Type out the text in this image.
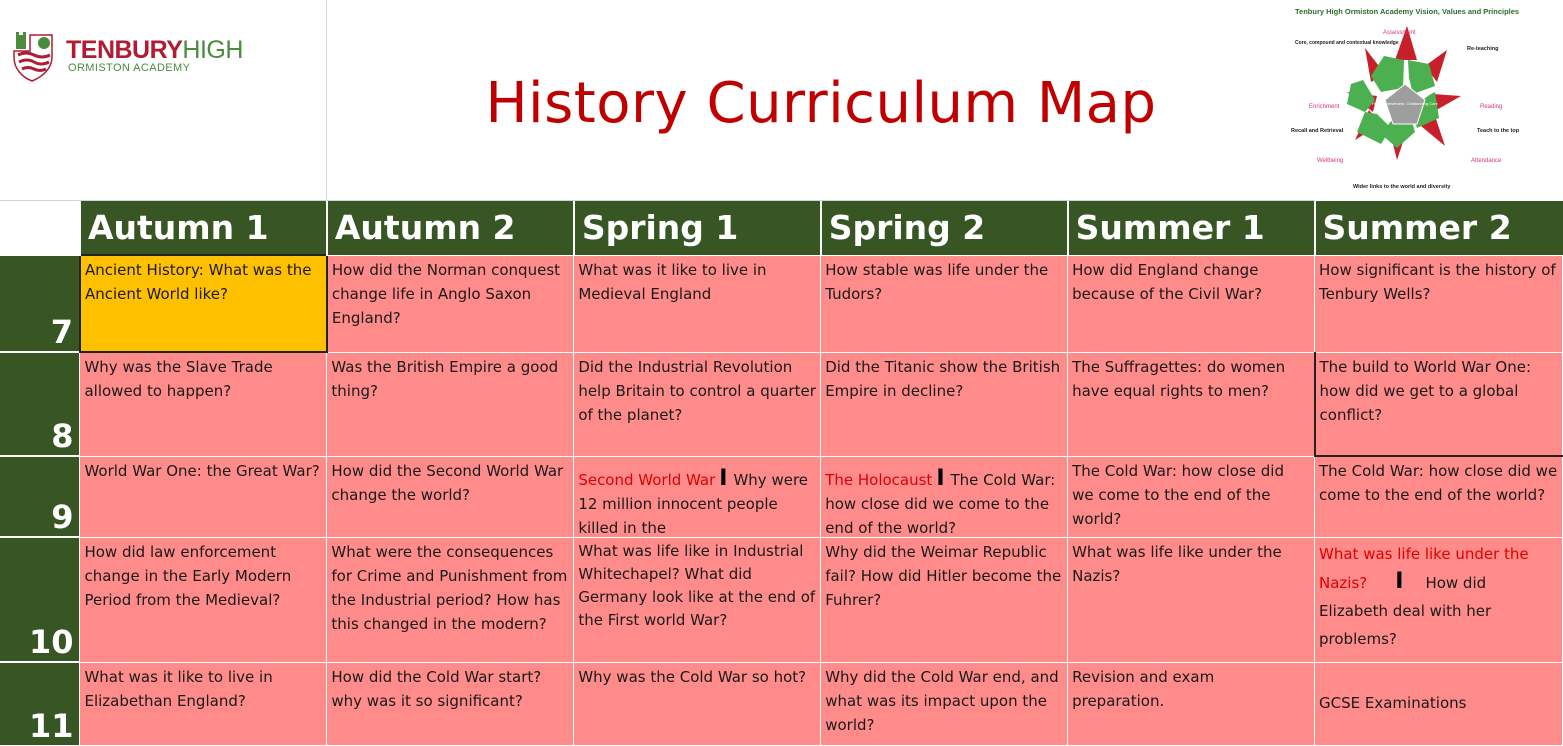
TENBURYHIGH
ORMISTON ACADEMY
History Curriculum Map
Tenbury High Ormiston Academy Vision, Values and Principles
High Achievement, Outstanding Care
Assessment
Core, compound and contextual knowledge
Re-teaching
Enrichment	Reading
Recall and Retrieval	Teach to the top
Wellbeing	Attendance
Wider links to the world and diversity
	Autumn 1	Autumn 2	Spring 1	Spring 2	Summer 1	Summer 2
7	Ancient History: What was the Ancient World like?	How did the Norman conquest change life in Anglo Saxon England?	What was it like to live in Medieval England	How stable was life under the Tudors?	How did England change because of the Civil War?	How significant is the history of Tenbury Wells?
8	Why was the Slave Trade allowed to happen?	Was the British Empire a good thing?	Did the Industrial Revolution help Britain to control a quarter of the planet?	Did the Titanic show the British Empire in decline?	The Suffragettes: do women have equal rights to men?	The build to World War One: how did we get to a global conflict?
9	World War One: the Great War?	How did the Second World War change the world?	Second World War I Why were 12 million innocent people killed in the	The Holocaust I The Cold War: how close did we come to the end of the world?	The Cold War: how close did we come to the end of the world?	The Cold War: how close did we come to the end of the world?
10	How did law enforcement change in the Early Modern Period from the Medieval?	What were the consequences for Crime and Punishment from the Industrial period? How has this changed in the modern?	What was life like in Industrial Whitechapel? What did Germany look like at the end of the First world War?	Why did the Weimar Republic fail? How did Hitler become the Fuhrer?	What was life like under the Nazis?	What was life like under the Nazis? I How did Elizabeth deal with her problems?

11	What was it like to live in Elizabethan England?	How did the Cold War start? why was it so significant?	Why was the Cold War so hot?	Why did the Cold War end, and what was its impact upon the world?	Revision and exam preparation.	GCSE Examinations
